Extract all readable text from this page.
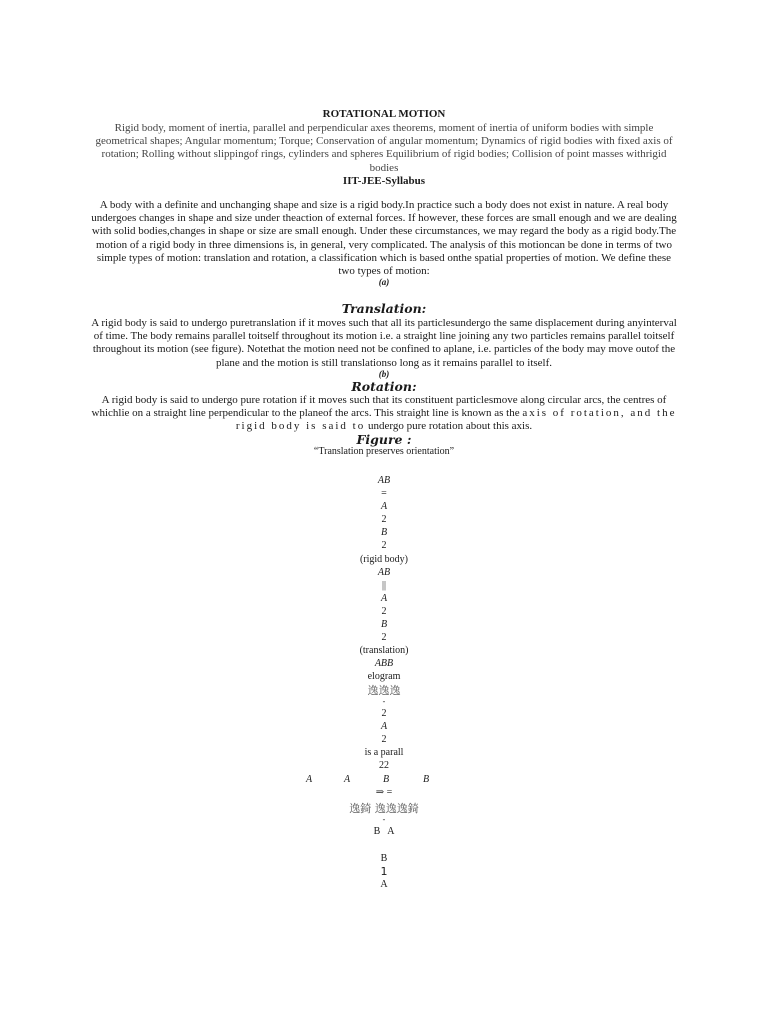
ROTATIONAL MOTION
Rigid body, moment of inertia, parallel and perpendicular axes theorems, moment of inertia of uniform bodies with simple geometrical shapes; Angular momentum; Torque; Conservation of angular momentum; Dynamics of rigid bodies with fixed axis of rotation; Rolling without slippingof rings, cylinders and spheres Equilibrium of rigid bodies; Collision of point masses withrigid bodies
IIT-JEE-Syllabus
A body with a definite and unchanging shape and size is a rigid body.In practice such a body does not exist in nature. A real body undergoes changes in shape and size under theaction of external forces. If however, these forces are small enough and we are dealing with solid bodies,changes in shape or size are small enough. Under these circumstances, we may regard the body as a rigid body.The motion of a rigid body in three dimensions is, in general, very complicated. The analysis of this motioncan be done in terms of two simple types of motion: translation and rotation, a classification which is based onthe spatial properties of motion. We define these two types of motion:
(a)
Translation:
A rigid body is said to undergo puretranslation if it moves such that all its particlesundergo the same displacement during anyinterval of time. The body remains parallel toitself throughout its motion i.e. a straight line joining any two particles remains parallel toitself throughout its motion (see figure). Notethat the motion need not be confined to aplane, i.e. particles of the body may move outof the plane and the motion is still translationso long as it remains parallel to itself.
(b)
Rotation:
A rigid body is said to undergo pure rotation if it moves such that its constituent particlesmove along circular arcs, the centres of whichlie on a straight line perpendicular to the planeof the arcs. This straight line is known as the axis of rotation, and the rigid body is said to undergo pure rotation about this axis.
Figure :
“Translation preserves orientation”
AB
=
A
2
B
2
(rigid body)
AB
||
A
2
B
2
(translation)
ABB
elogram
逸逸逸
-
2
A
2
is a parall
22
A	A	B	B
⇒ =
逸錡 逸逸逸錡
-
B   A
B
1
A
